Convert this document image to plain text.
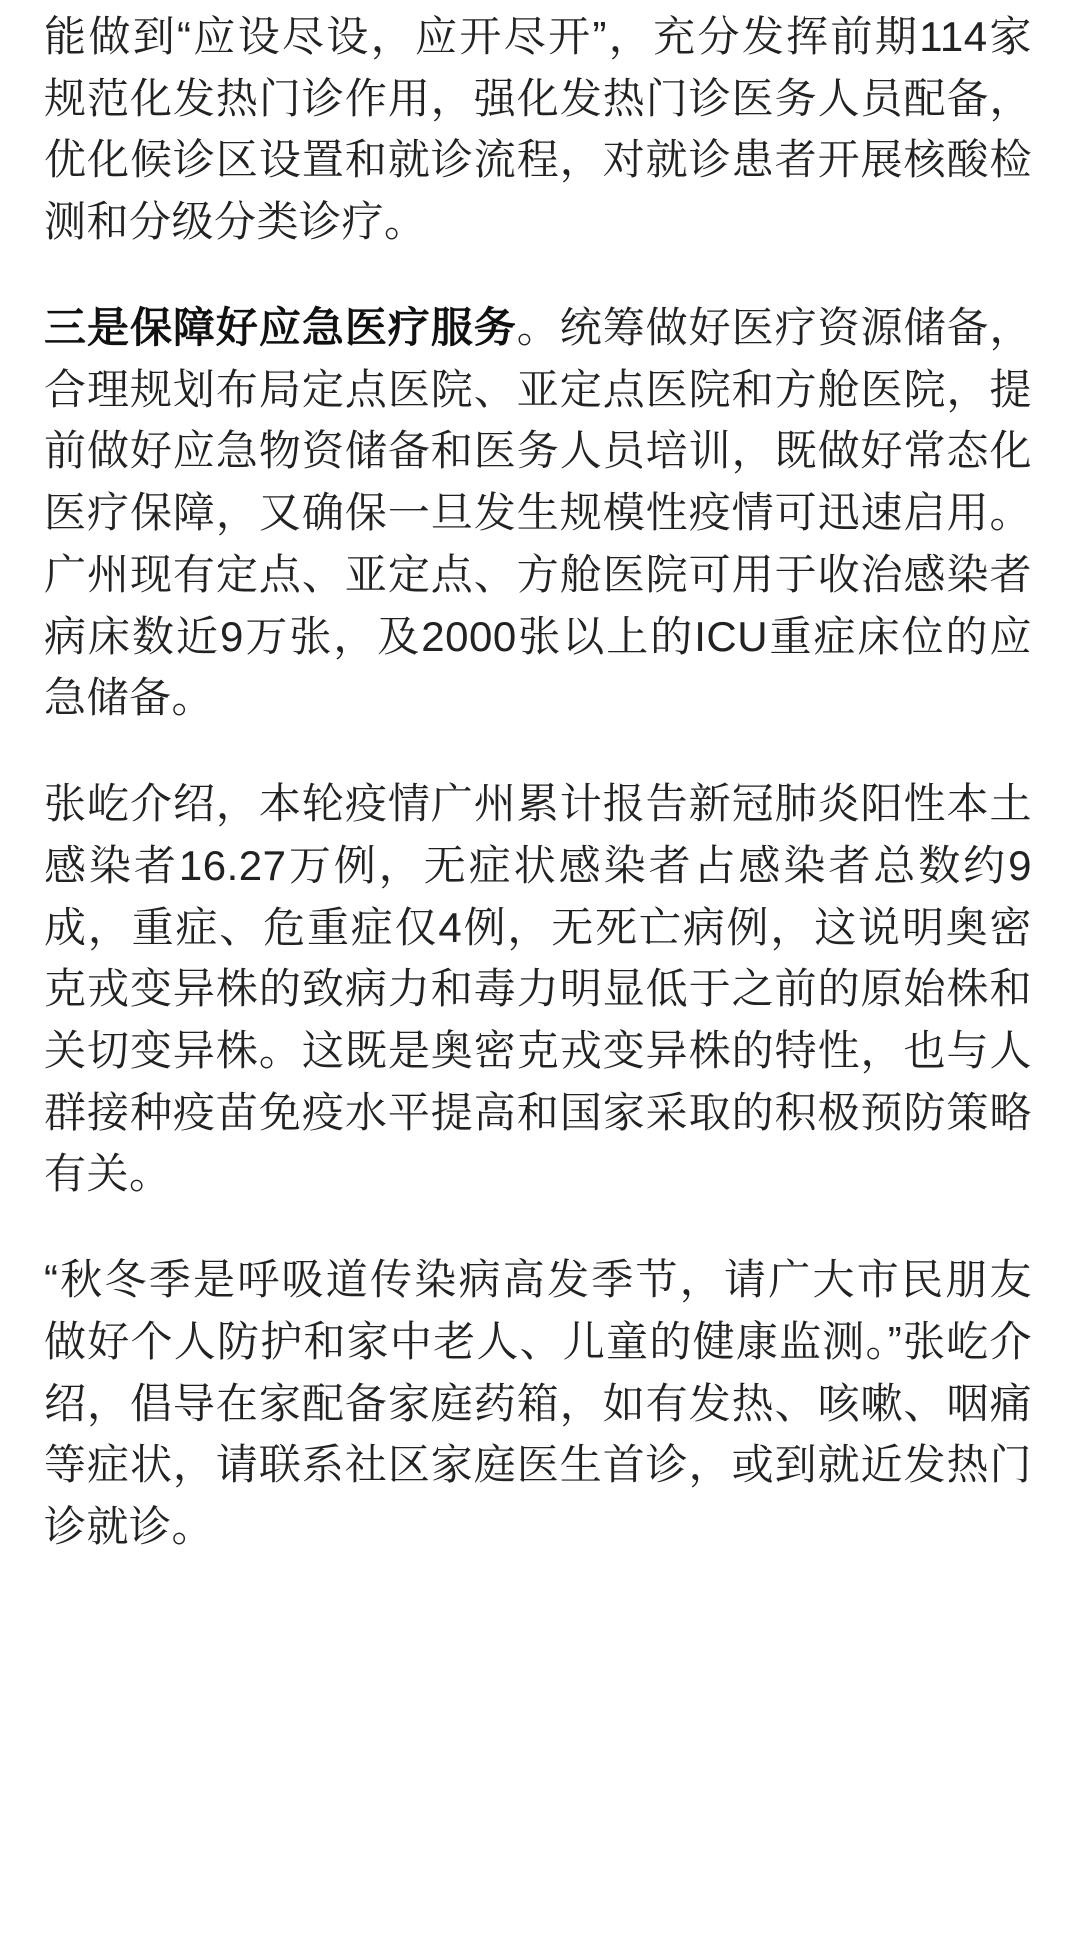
能做到“应设尽设，应开尽开”，充分发挥前期114家规范化发热门诊作用，强化发热门诊医务人员配备，优化候诊区设置和就诊流程，对就诊患者开展核酸检测和分级分类诊疗。

三是保障好应急医疗服务。统筹做好医疗资源储备，合理规划布局定点医院、亚定点医院和方舱医院，提前做好应急物资储备和医务人员培训，既做好常态化医疗保障，又确保一旦发生规模性疫情可迅速启用。广州现有定点、亚定点、方舱医院可用于收治感染者病床数近9万张，及2000张以上的ICU重症床位的应急储备。

张屹介绍，本轮疫情广州累计报告新冠肺炎阳性本土感染者16.27万例，无症状感染者占感染者总数约9成，重症、危重症仅4例，无死亡病例，这说明奥密克戎变异株的致病力和毒力明显低于之前的原始株和关切变异株。这既是奥密克戎变异株的特性，也与人群接种疫苗免疫水平提高和国家采取的积极预防策略有关。

“秋冬季是呼吸道传染病高发季节，请广大市民朋友做好个人防护和家中老人、儿童的健康监测。”张屹介绍，倡导在家配备家庭药箱，如有发热、咳嗽、咽痛等症状，请联系社区家庭医生首诊，或到就近发热门诊就诊。
